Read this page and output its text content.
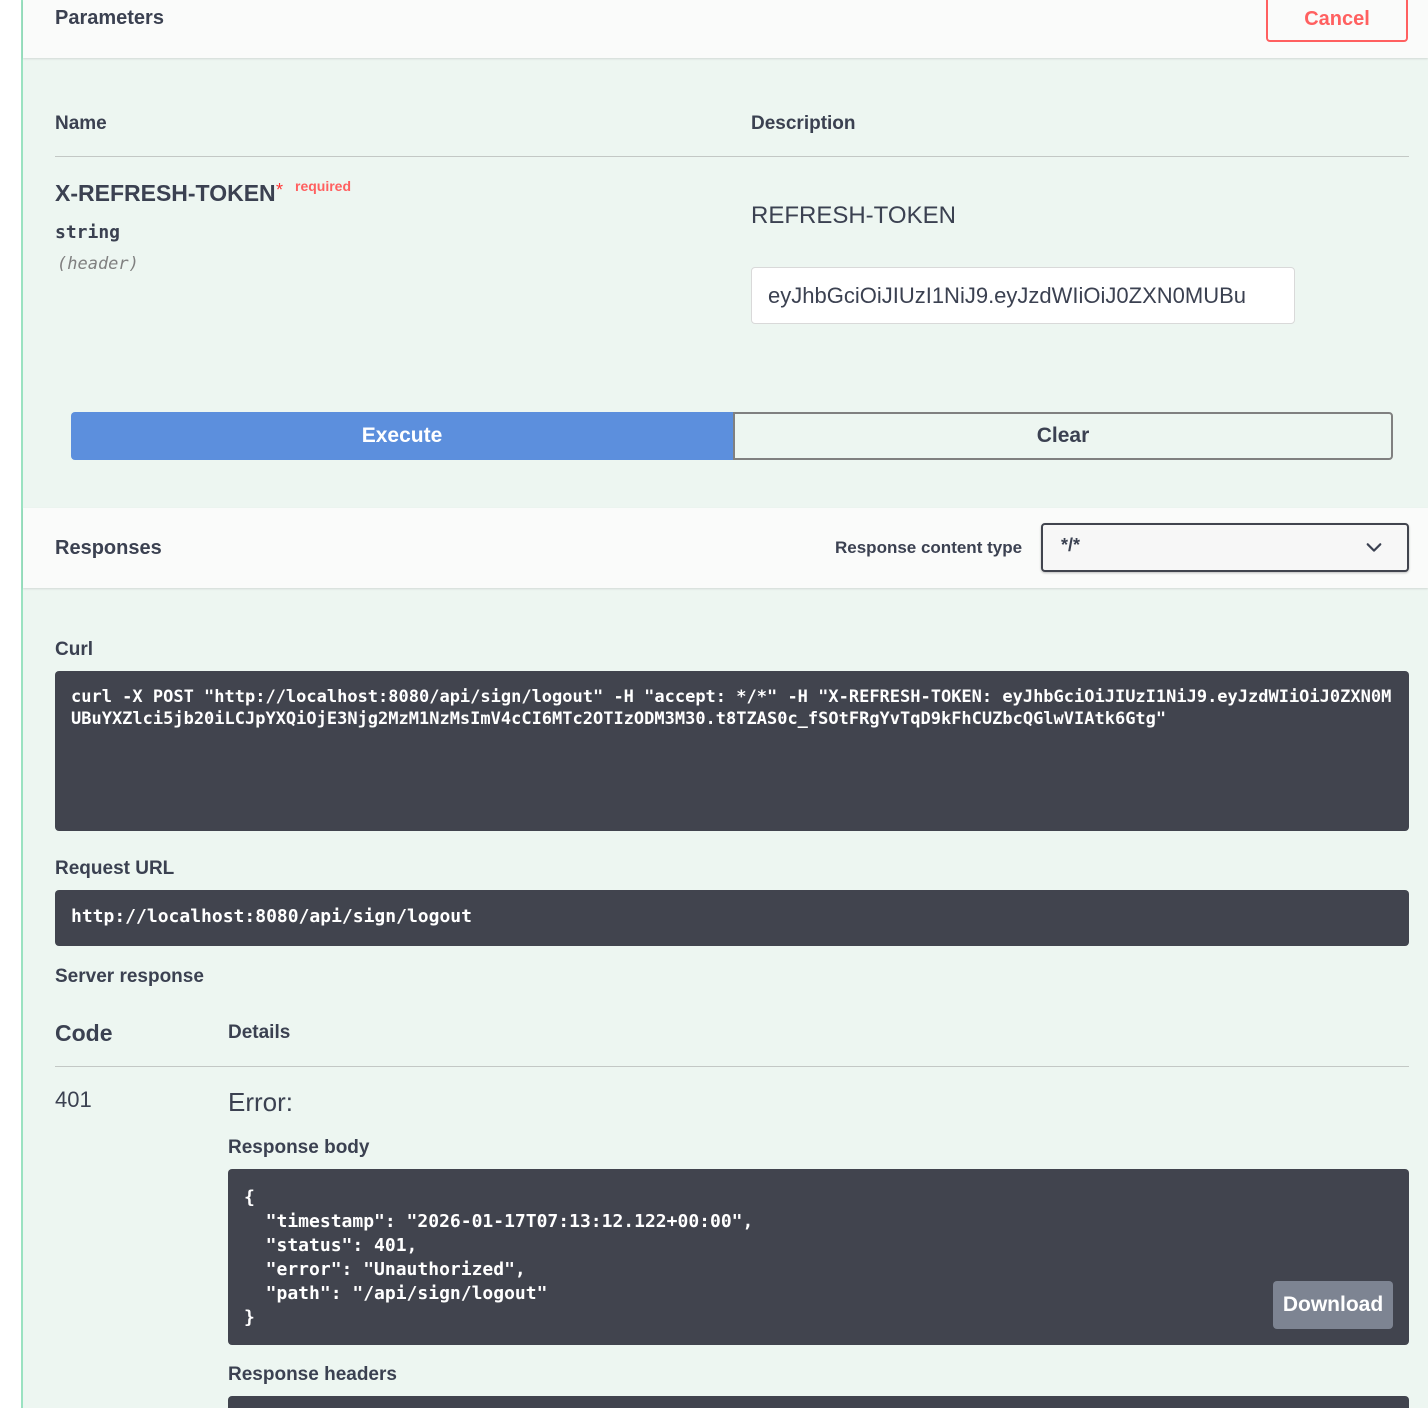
Parameters	Cancel
Name	Description
X-REFRESH-TOKEN * required
string
(header)
REFRESH-TOKEN
eyJhbGciOiJIUzI1NiJ9.eyJzdWIiOiJ0ZXN0MUBu
Execute	Clear
Responses	Response content type */*
Curl
curl -X POST "http://localhost:8080/api/sign/logout" -H "accept: */*" -H "X-REFRESH-TOKEN: eyJhbGciOiJIUzI1NiJ9.eyJzdWIiOiJ0ZXN0MUBuYXZlci5jb20iLCJpYXQiOjE3Njg2MzM1NzMsImV4cCI6MTc2OTIzODM3M30.t8TZAS0c_fSOtFRgYvTqD9kFhCUZbcQGlwVIAtk6Gtg"
Request URL
http://localhost:8080/api/sign/logout
Server response
Code	Details
401	Error:
Response body
{
"timestamp": "2026-01-17T07:13:12.122+00:00",
"status": 401,
"error": "Unauthorized",
"path": "/api/sign/logout"
}
Download
Response headers
